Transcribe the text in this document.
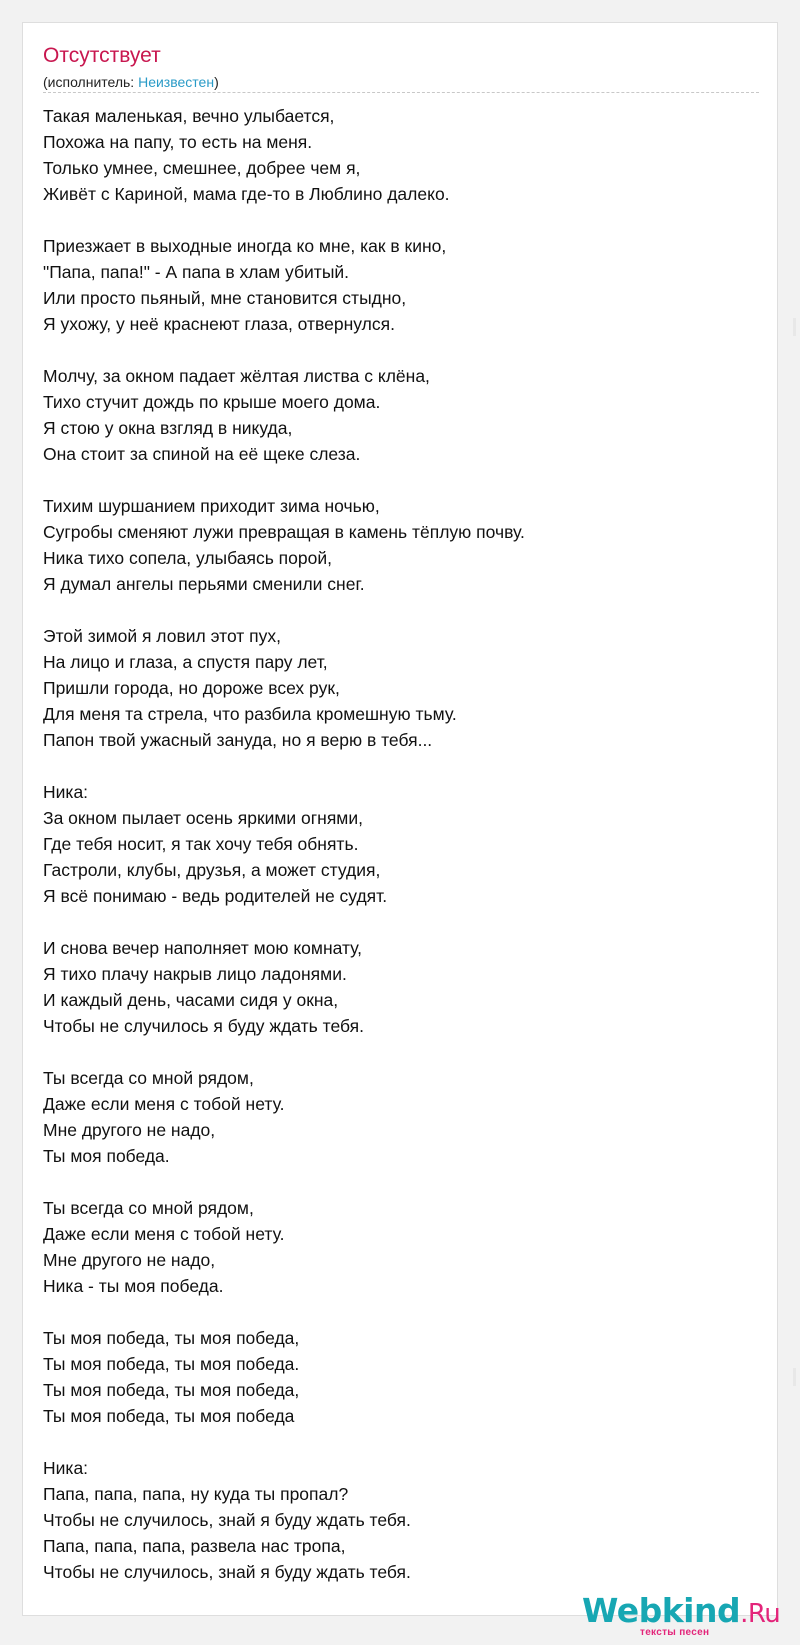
Отсутствует
(исполнитель: Неизвестен)
Такая маленькая, вечно улыбается,
Похожа на папу, то есть на меня.
Только умнее, смешнее, добрее чем я,
Живёт с Кариной, мама где-то в Люблино далеко.
Приезжает в выходные иногда ко мне, как в кино,
"Папа, папа!" - А папа в хлам убитый.
Или просто пьяный, мне становится стыдно,
Я ухожу, у неё краснеют глаза, отвернулся.
Молчу, за окном падает жёлтая листва с клёна,
Тихо стучит дождь по крыше моего дома.
Я стою у окна взгляд в никуда,
Она стоит за спиной на её щеке слеза.
Тихим шуршанием приходит зима ночью,
Сугробы сменяют лужи превращая в камень тёплую почву.
Ника тихо сопела, улыбаясь порой,
Я думал ангелы перьями сменили снег.
Этой зимой я ловил этот пух,
На лицо и глаза, а спустя пару лет,
Пришли города, но дороже всех рук,
Для меня та стрела, что разбила кромешную тьму.
Папон твой ужасный зануда, но я верю в тебя...
Ника:
За окном пылает осень яркими огнями,
Где тебя носит, я так хочу тебя обнять.
Гастроли, клубы, друзья, а может студия,
Я всё понимаю - ведь родителей не судят.
И снова вечер наполняет мою комнату,
Я тихо плачу накрыв лицо ладонями.
И каждый день, часами сидя у окна,
Чтобы не случилось я буду ждать тебя.
Ты всегда со мной рядом,
Даже если меня с тобой нету.
Мне другого не надо,
Ты моя победа.
Ты всегда со мной рядом,
Даже если меня с тобой нету.
Мне другого не надо,
Ника - ты моя победа.
Ты моя победа, ты моя победа,
Ты моя победа, ты моя победа.
Ты моя победа, ты моя победа,
Ты моя победа, ты моя победа
Ника:
Папа, папа, папа, ну куда ты пропал?
Чтобы не случилось, знай я буду ждать тебя.
Папа, папа, папа, развела нас тропа,
Чтобы не случилось, знай я буду ждать тебя.
Webkind.Ru
тексты песен
